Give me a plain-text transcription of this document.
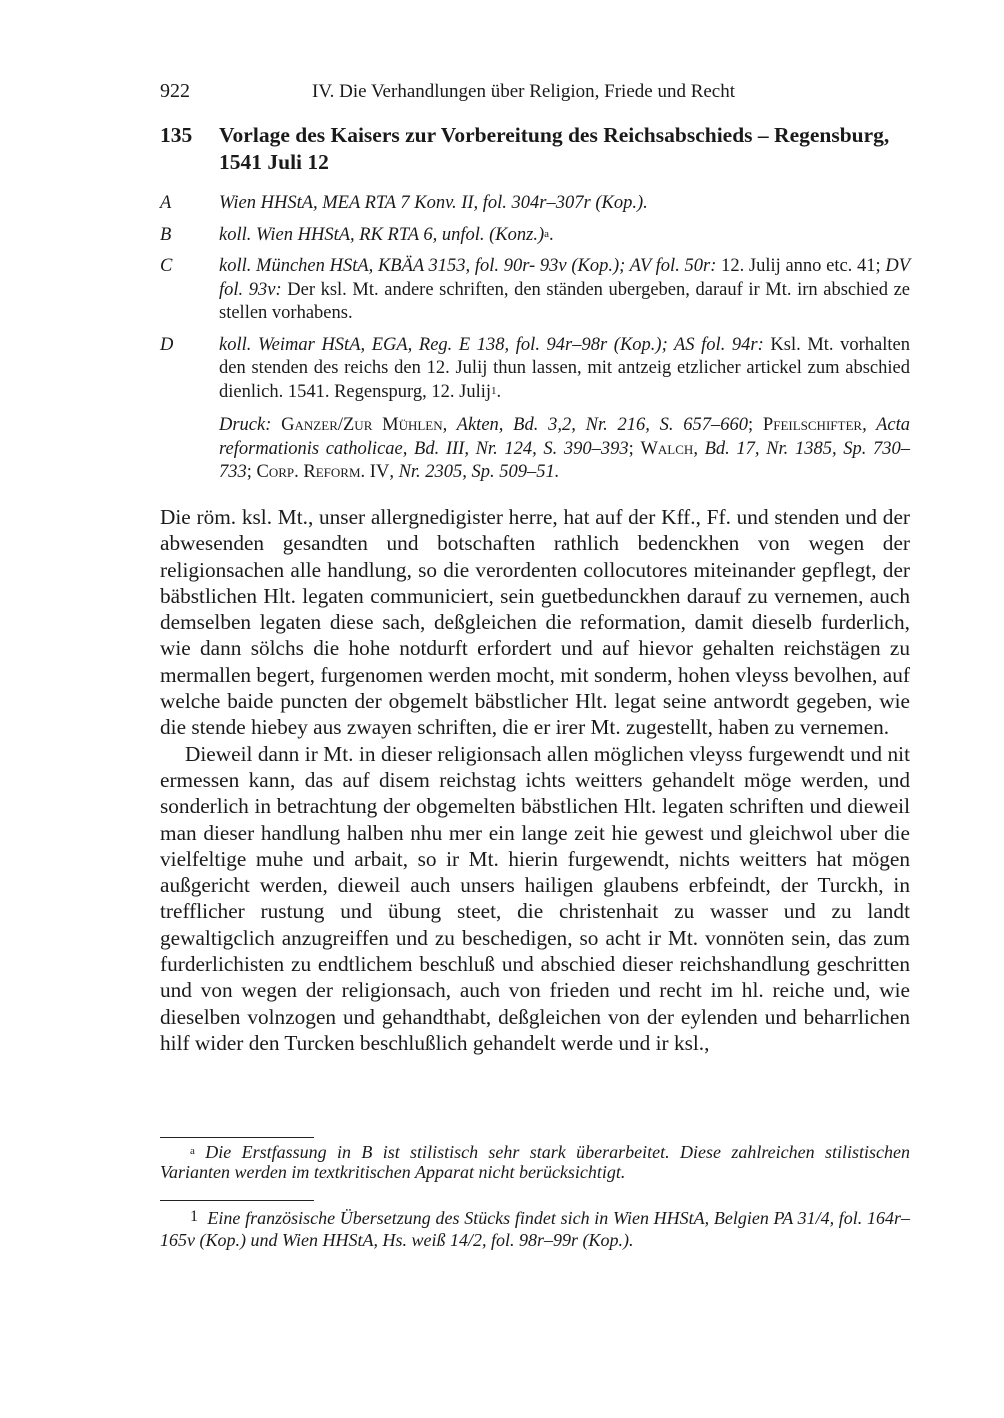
922	IV. Die Verhandlungen über Religion, Friede und Recht
135 Vorlage des Kaisers zur Vorbereitung des Reichsabschieds – Regensburg, 1541 Juli 12
A	Wien HHStA, MEA RTA 7 Konv. II, fol. 304r–307r (Kop.).
B	koll. Wien HHStA, RK RTA 6, unfol. (Konz.)$^a$.
C	koll. München HStA, KBÄA 3153, fol. 90r- 93v (Kop.); AV fol. 50r: 12. Julij anno etc. 41; DV fol. 93v: Der ksl. Mt. andere schriften, den ständen ubergeben, darauf ir Mt. irn abschied ze stellen vorhabens.
D koll. Weimar HStA, EGA, Reg. E 138, fol. 94r–98r (Kop.); AS fol. 94r: Ksl. Mt. vorhalten den stenden des reichs den 12. Julij thun lassen, mit antzeig etzlicher artickel zum abschied dienlich. 1541. Regenspurg, 12. Julij$^1$.
Druck: Ganzer/Zur Mühlen, Akten, Bd. 3,2, Nr. 216, S. 657–660; Pfeilschifter, Acta reformationis catholicae, Bd. III, Nr. 124, S. 390–393; Walch, Bd. 17, Nr. 1385, Sp. 730–733; Corp. Reform. IV, Nr. 2305, Sp. 509–51.

Die röm. ksl. Mt., unser allergnedigister herre, hat auf der Kff., Ff. und stenden und der abwesenden gesandten und botschaften rathlich bedenckhen von wegen der religionsachen alle handlung, so die verordenten collocutores miteinander gepflegt, der bäbstlichen Hlt. legaten communiciert, sein guetbedunckhen darauf zu vernemen, auch demselben legaten diese sach, deßgleichen die reformation, damit dieselb furderlich, wie dann sölchs die hohe notdurft erfordert und auf hievor gehalten reichstägen zu mermallen begert, furgenomen werden mocht, mit sonderm, hohen vleyss bevolhen, auf welche baide puncten der obgemelt bäbstlicher Hlt. legat seine antwordt gegeben, wie die stende hiebey aus zwayen schriften, die er irer Mt. zugestellt, haben zu vernemen.

Dieweil dann ir Mt. in dieser religionsach allen möglichen vleyss furgewendt und nit ermessen kann, das auf disem reichstag ichts weitters gehandelt möge werden, und sonderlich in betrachtung der obgemelten bäbstlichen Hlt. legaten schriften und dieweil man dieser handlung halben nhu mer ein lange zeit hie gewest und gleichwol uber die vielfeltige muhe und arbait, so ir Mt. hierin furgewendt, nichts weitters hat mögen außgericht werden, dieweil auch unsers hailigen glaubens erbfeindt, der Turckh, in trefflicher rustung und übung steet, die christenhait zu wasser und zu landt gewaltigclich anzugreiffen und zu beschedigen, so acht ir Mt. vonnöten sein, das zum furderlichisten zu endtlichem beschluß und abschied dieser reichshandlung geschritten und von wegen der religionsach, auch von frieden und recht im hl. reiche und, wie dieselben volnzogen und gehandthabt, deßgleichen von der eylenden und beharrlichen hilf wider den Turcken beschlußlich gehandelt werde und ir ksl.,

$^a$ Die Erstfassung in B ist stilistisch sehr stark überarbeitet. Diese zahlreichen stilistischen Varianten werden im textkritischen Apparat nicht berücksichtigt.
1 Eine französische Übersetzung des Stücks findet sich in Wien HHStA, Belgien PA 31/4, fol. 164r–165v (Kop.) und Wien HHStA, Hs. weiß 14/2, fol. 98r–99r (Kop.).
